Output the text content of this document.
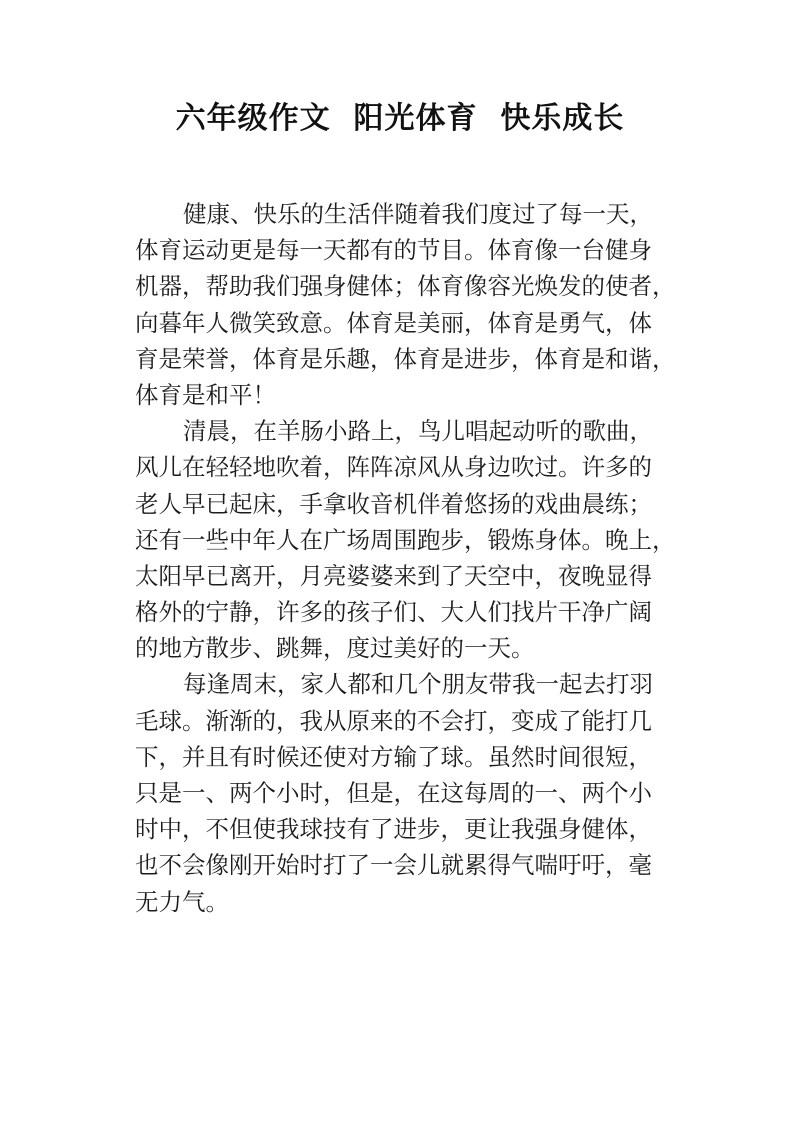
六年级作文  阳光体育  快乐成长
健康、快乐的生活伴随着我们度过了每一天，
体育运动更是每一天都有的节目。体育像一台健身
机器，帮助我们强身健体；体育像容光焕发的使者，
向暮年人微笑致意。体育是美丽，体育是勇气，体
育是荣誉，体育是乐趣，体育是进步，体育是和谐，
体育是和平！
清晨，在羊肠小路上，鸟儿唱起动听的歌曲，
风儿在轻轻地吹着，阵阵凉风从身边吹过。许多的
老人早已起床，手拿收音机伴着悠扬的戏曲晨练；
还有一些中年人在广场周围跑步，锻炼身体。晚上，
太阳早已离开，月亮婆婆来到了天空中，夜晚显得
格外的宁静，许多的孩子们、大人们找片干净广阔
的地方散步、跳舞，度过美好的一天。
每逢周末，家人都和几个朋友带我一起去打羽
毛球。渐渐的，我从原来的不会打，变成了能打几
下，并且有时候还使对方输了球。虽然时间很短，
只是一、两个小时，但是，在这每周的一、两个小
时中，不但使我球技有了进步，更让我强身健体，
也不会像刚开始时打了一会儿就累得气喘吁吁，毫
无力气。
